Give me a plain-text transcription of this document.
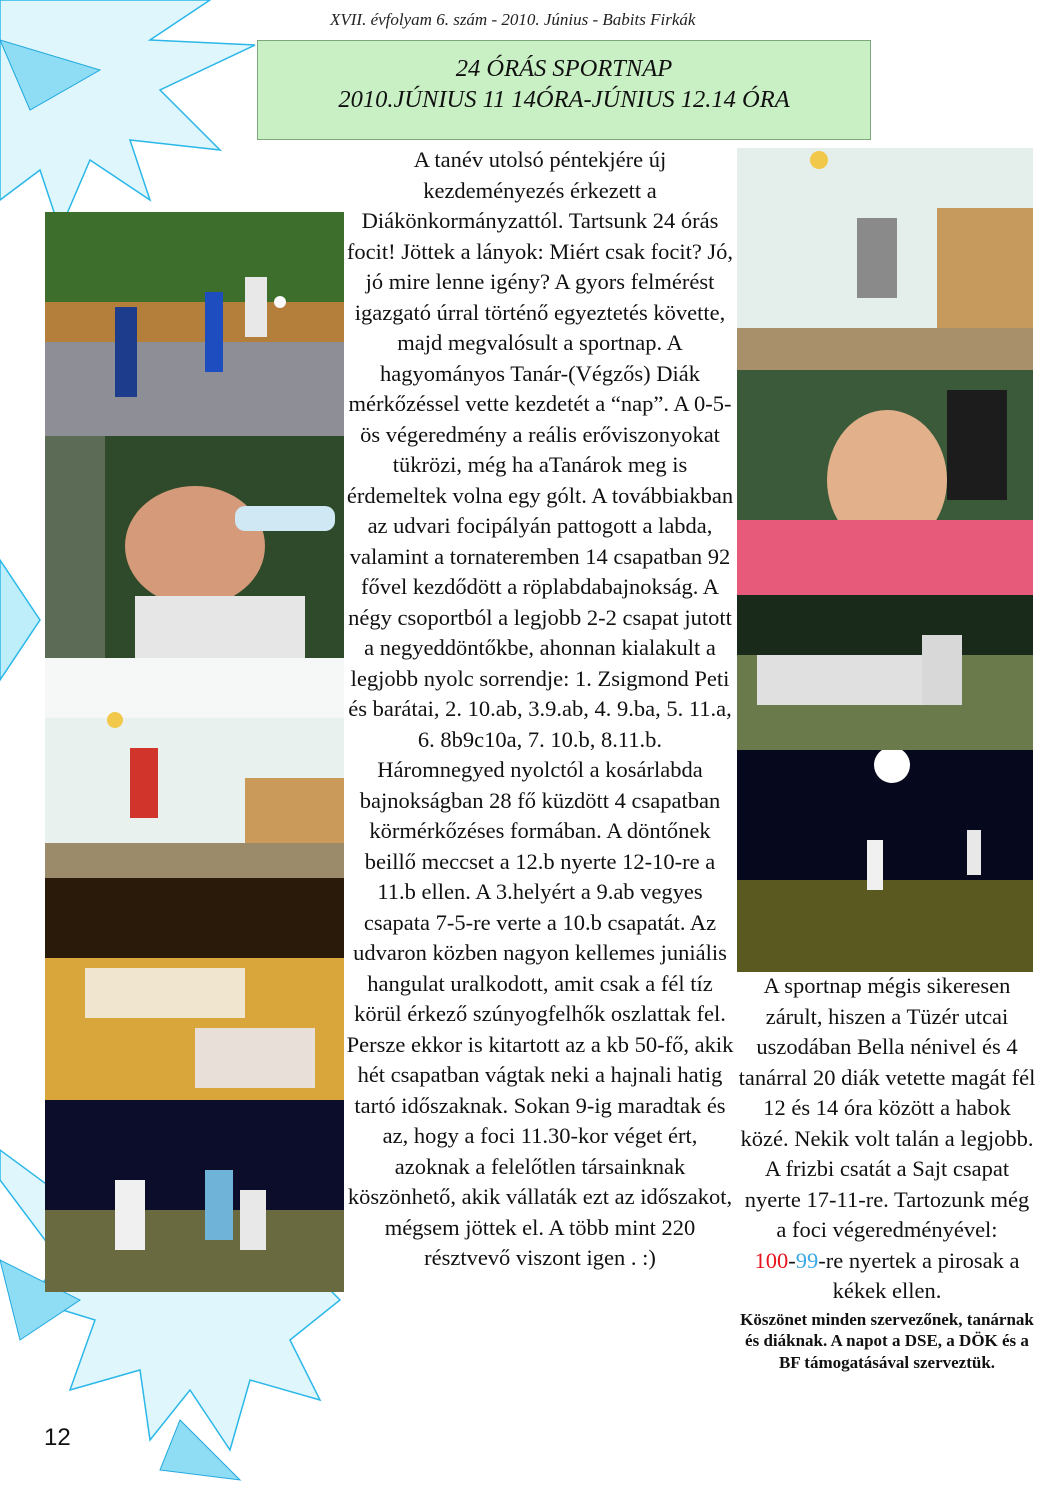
XVII. évfolyam 6. szám - 2010. Június - Babits Firkák
24 ÓRÁS SPORTNAP
2010.JÚNIUS 11 14ÓRA-JÚNIUS 12.14 ÓRA

A tanév utolsó péntekjére új kezdeményezés érkezett a Diákönkormányzattól. Tartsunk 24 órás focit! Jöttek a lányok: Miért csak focit? Jó, jó mire lenne igény? A gyors felmérést igazgató úrral történő egyeztetés követte, majd megvalósult a sportnap. A hagyományos Tanár-(Végzős) Diák mérkőzéssel vette kezdetét a “nap”. A 0-5-ös végeredmény a reális erőviszonyokat tükrözi, még ha aTanárok meg is érdemeltek volna egy gólt. A továbbiakban az udvari focipályán pattogott a labda, valamint a tornateremben 14 csapatban 92 fővel kezdődött a röplabdabajnokság. A négy csoportból a legjobb 2-2 csapat jutott a negyeddöntőkbe, ahonnan kialakult a legjobb nyolc sorrendje: 1. Zsigmond Peti és barátai, 2. 10.ab, 3.9.ab, 4. 9.ba, 5. 11.a, 6. 8b9c10a, 7. 10.b, 8.11.b.

Háromnegyed nyolctól a kosárlabda bajnokságban 28 fő küzdött 4 csapatban körmérkőzéses formában. A döntőnek beillő meccset a 12.b nyerte 12-10-re a 11.b ellen. A 3.helyért a 9.ab vegyes csapata 7-5-re verte a 10.b csapatát. Az udvaron közben nagyon kellemes juniális hangulat uralkodott, amit csak a fél tíz körül érkező szúnyogfelhők oszlattak fel. Persze ekkor is kitartott az a kb 50-fő, akik hét csapatban vágtak neki a hajnali hatig tartó időszaknak. Sokan 9-ig maradtak és az, hogy a foci 11.30-kor véget ért, azoknak a felelőtlen társainknak köszönhető, akik vállaták ezt az időszakot, mégsem jöttek el. A több mint 220 résztvevő viszont igen . :)

A sportnap mégis sikeresen zárult, hiszen a Tüzér utcai uszodában Bella nénivel és 4 tanárral 20 diák vetette magát fél 12 és 14 óra között a habok közé. Nekik volt talán a legjobb. A frizbi csatát a Sajt csapat nyerte 17-11-re. Tartozunk még a foci végeredményével:

100-99-re nyertek a pirosak a kékek ellen.

Köszönet minden szervezőnek, tanárnak és diáknak. A napot a DSE, a DÖK és a BF támogatásával szerveztük.

12
